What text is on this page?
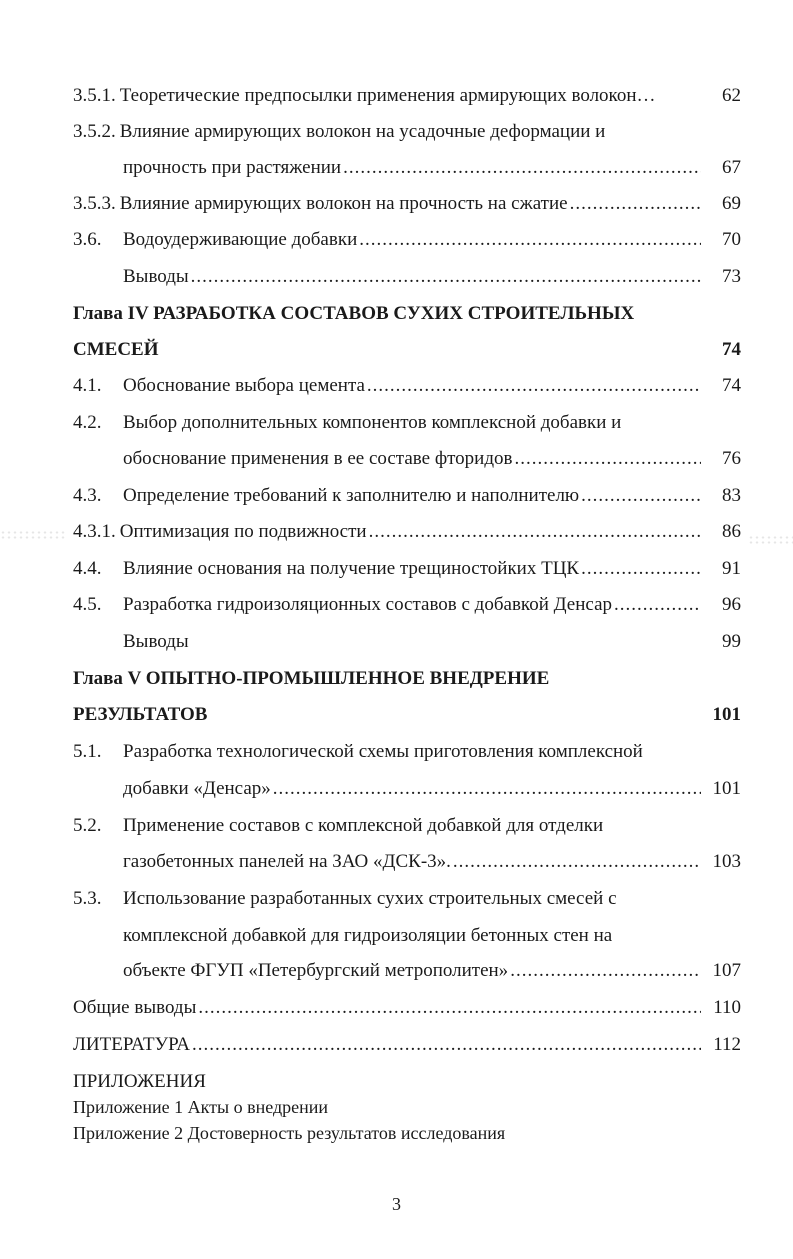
3.5.1. Теоретические предпосылки применения армирующих волокон…	62
3.5.2. Влияние армирующих волокон на усадочные деформации и
прочность при растяжении .....	67
3.5.3. Влияние армирующих волокон на прочность на сжатие .....	69
3.6.	Водоудерживающие добавки .....	70
Выводы .....	73
Глава IV РАЗРАБОТКА СОСТАВОВ СУХИХ СТРОИТЕЛЬНЫХ
СМЕСЕЙ	74
4.1.	Обоснование выбора цемента .....	74
4.2.	Выбор дополнительных компонентов комплексной добавки и
обоснование применения в ее составе фторидов .....	76
4.3.	Определение требований к заполнителю и наполнителю .....	83
4.3.1. Оптимизация по подвижности .....	86
4.4.	Влияние основания на получение трещиностойких ТЦК .....	91
4.5.	Разработка гидроизоляционных составов с добавкой Денсар .....	96
Выводы	99
Глава V ОПЫТНО-ПРОМЫШЛЕННОЕ ВНЕДРЕНИЕ
РЕЗУЛЬТАТОВ	101
5.1.	Разработка технологической схемы приготовления комплексной
добавки «Денсар» .....	101
5.2.	Применение составов с комплексной добавкой для отделки
газобетонных панелей на ЗАО «ДСК-3». .....	103
5.3.	Использование разработанных сухих строительных смесей с
комплексной добавкой для гидроизоляции бетонных стен на
объекте ФГУП «Петербургский метрополитен» .....	107
Общие выводы .....	110
ЛИТЕРАТУРА .....	112
ПРИЛОЖЕНИЯ
Приложение 1 Акты о внедрении
Приложение 2 Достоверность результатов исследования
3
